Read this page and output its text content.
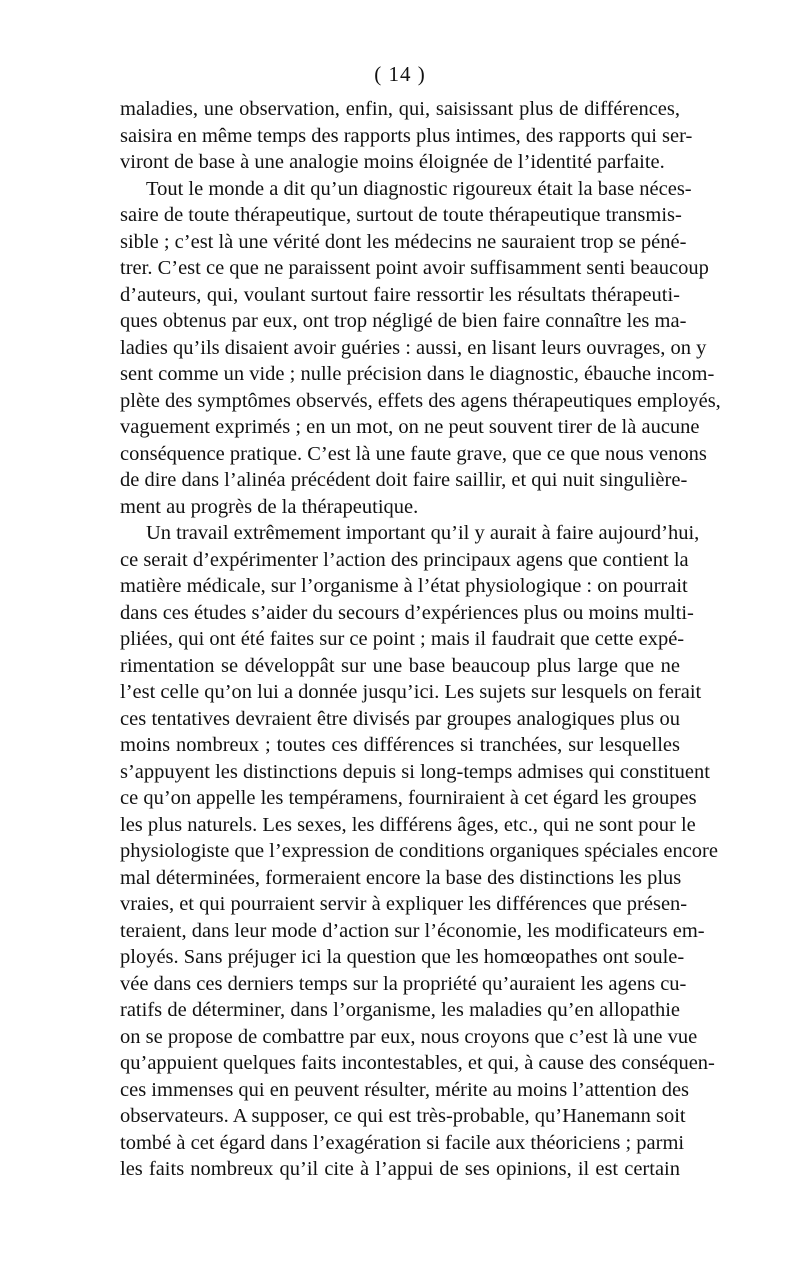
( 14 )
maladies, une observation, enfin, qui, saisissant plus de différences,
saisira en même temps des rapports plus intimes, des rapports qui ser-
viront de base à une analogie moins éloignée de l’identité parfaite.
Tout le monde a dit qu’un diagnostic rigoureux était la base néces-
saire de toute thérapeutique, surtout de toute thérapeutique transmis-
sible ; c’est là une vérité dont les médecins ne sauraient trop se péné-
trer. C’est ce que ne paraissent point avoir suffisamment senti beaucoup
d’auteurs, qui, voulant surtout faire ressortir les résultats thérapeuti-
ques obtenus par eux, ont trop négligé de bien faire connaître les ma-
ladies qu’ils disaient avoir guéries : aussi, en lisant leurs ouvrages, on y
sent comme un vide ; nulle précision dans le diagnostic, ébauche incom-
plète des symptômes observés, effets des agens thérapeutiques employés,
vaguement exprimés ; en un mot, on ne peut souvent tirer de là aucune
conséquence pratique. C’est là une faute grave, que ce que nous venons
de dire dans l’alinéa précédent doit faire saillir, et qui nuit singulière-
ment au progrès de la thérapeutique.
Un travail extrêmement important qu’il y aurait à faire aujourd’hui,
ce serait d’expérimenter l’action des principaux agens que contient la
matière médicale, sur l’organisme à l’état physiologique : on pourrait
dans ces études s’aider du secours d’expériences plus ou moins multi-
pliées, qui ont été faites sur ce point ; mais il faudrait que cette expé-
rimentation se développât sur une base beaucoup plus large que ne
l’est celle qu’on lui a donnée jusqu’ici. Les sujets sur lesquels on ferait
ces tentatives devraient être divisés par groupes analogiques plus ou
moins nombreux ; toutes ces différences si tranchées, sur lesquelles
s’appuyent les distinctions depuis si long-temps admises qui constituent
ce qu’on appelle les tempéramens, fourniraient à cet égard les groupes
les plus naturels. Les sexes, les différens âges, etc., qui ne sont pour le
physiologiste que l’expression de conditions organiques spéciales encore
mal déterminées, formeraient encore la base des distinctions les plus
vraies, et qui pourraient servir à expliquer les différences que présen-
teraient, dans leur mode d’action sur l’économie, les modificateurs em-
ployés. Sans préjuger ici la question que les homœopathes ont soule-
vée dans ces derniers temps sur la propriété qu’auraient les agens cu-
ratifs de déterminer, dans l’organisme, les maladies qu’en allopathie
on se propose de combattre par eux, nous croyons que c’est là une vue
qu’appuient quelques faits incontestables, et qui, à cause des conséquen-
ces immenses qui en peuvent résulter, mérite au moins l’attention des
observateurs. A supposer, ce qui est très-probable, qu’Hanemann soit
tombé à cet égard dans l’exagération si facile aux théoriciens ; parmi
les faits nombreux qu’il cite à l’appui de ses opinions, il est certain
